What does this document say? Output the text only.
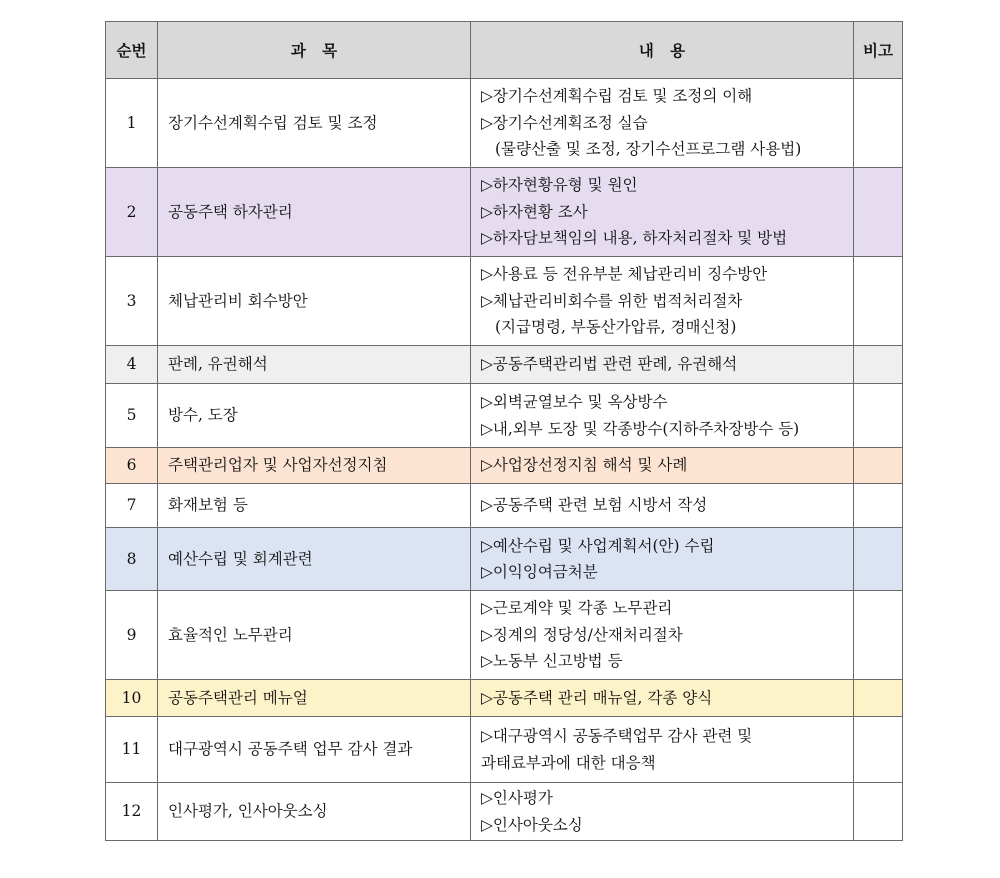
순번	과   목	내   용	비고
1	장기수선계획수립 검토 및 조정	▷장기수선계획수립 검토 및 조정의 이해
▷장기수선계획조정 실습
(물량산출 및 조정, 장기수선프로그램 사용법)	

2	공동주택 하자관리	▷하자현황유형 및 원인
▷하자현황 조사
▷하자담보책임의 내용, 하자처리절차 및 방법	

3	체납관리비 회수방안	▷사용료 등 전유부분 체납관리비 징수방안
▷체납관리비회수를 위한 법적처리절차
(지급명령, 부동산가압류, 경매신청)	

4	판례, 유권해석	▷공동주택관리법 관련 판례, 유권해석	

5	방수, 도장	▷외벽균열보수 및 옥상방수
▷내,외부 도장 및 각종방수(지하주차장방수 등)	

6	주택관리업자 및 사업자선정지침	▷사업장선정지침 해석 및 사례	

7	화재보험 등	▷공동주택 관련 보험 시방서 작성	

8	예산수립 및 회계관련	▷예산수립 및 사업계획서(안) 수립
▷이익잉여금처분	

9	효율적인 노무관리	▷근로계약 및 각종 노무관리
▷징계의 정당성/산재처리절차
▷노동부 신고방법 등	

10	공동주택관리 메뉴얼	▷공동주택 관리 매뉴얼, 각종 양식	

11	대구광역시 공동주택 업무 감사 결과	▷대구광역시 공동주택업무 감사 관련 및
과태료부과에 대한 대응책	

12	인사평가, 인사아웃소싱	▷인사평가
▷인사아웃소싱	
